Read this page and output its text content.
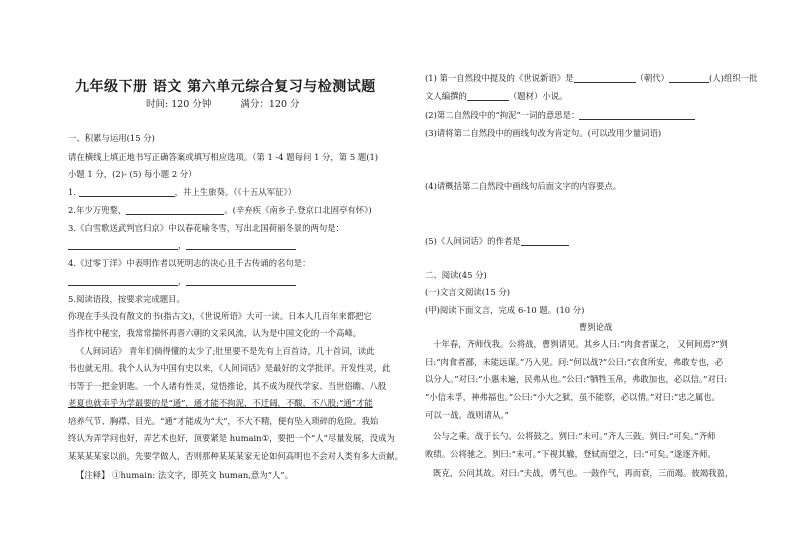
九年级下册 语文 第六单元综合复习与检测试题
时间: 120 分钟	满分：120 分
一、积累与运用(15 分)
请在横线上填正地书写正确答案或填写相应选项。（第 1 -4 题每问 1 分，第 5 题(1)
小题 1 分，(2)- (5) 每小题 2 分）
1.	，井上生旅葵。（《十五从军征》）
2.年少万兜鍪，	。(辛弃疾《南乡子.登京口北固亭有怀》)
3.《白雪歌送武判官归京》中以春花喻冬雪，写出北国荷丽冬景的两句是：
，
4.《过零丁洋》中表明作者以死明志的决心且千古传诵的名句是：
，
5.阅读语段，按要求完成题目。
你现在手头没有散文的书(指古文)，《世说所语》大可一读。日本人几百年来都把它
当作枕中秘宝，我常常揣怀再晋六朝的文采风流，认为是中国文化的一个高峰。
《人间词话》 青年们倘得懂的太少了;肚里要不是先有上百首诗，几十首词，读此
书也就无用。我个人认为中国有史以来，《人间词话》是最好的文学批评。开发性灵，此
书等于一把金钥匙。一个人诸有性灵，觉悟推论，其不成为现代学家、当世俗瞻、八股
老夏也就幸乎为学最要的是“通”，通才能不拘泥，不迁阔，不酸，不八股;“通”才能
培养气节、胸襟、目光。“通”才能成为“大”，不大不精，便有坠入琐碎的危险。我始
终认为弄学问也好，弄艺术也好，顶要紧是 humain①，要把一个“人”尽量发展，没成为
某某某某家以前，先要学做人，否则那种某某某家无论如何高明也不会对人类有多大贡献。
【注释】 ①humain: 法文字，即英文 human,意为“人”。
(1) 第一自然段中提及的《世说新语》是	（朝代）	(人)组织一批
文人编撰的	（题材）小说。
(2)第二自然段中的“拘泥”一词的意思是：
(3)请将第二自然段中的画线句改为肯定句。(可以改用少量词语)
(4)请概括第二自然段中画线句后面文字的内容要点。
(5)《人间词话》的作者是
二、阅读(45 分)
(一)文言文阅读(15 分)
(甲)阅读下面文言，完成 6-10 题。(10 分)
曹刿论战
十年春，齐师伐我。公将战，曹刿请见。其乡人曰:“肉食者谋之， 又何间焉?”刿
曰:“肉食者鄙，未能远谋。”乃入见。问:“何以战?”公曰:“衣食所安，弗敢专也，必
以分人。”对曰:“小惠未遍，民弗从也。”公曰:“牺牲玉帛，弗敢加也，必以信。”对曰:
“小信未孚，神弗福也。”公曰:“小大之狱，虽不能察，必以情。”对曰:“忠之属也。
可以一战。战则请从。”
公与之乘。战于长勺。公将鼓之。刿曰:“未可。”齐人三鼓。刿曰:“可矣。”齐师
败绩。公将驰之。刿曰:“未可。”下视其辙，登轼而望之，曰:“可矣。”遂逐齐师。
既克，公问其故。对曰:“夫战，勇气也。一鼓作气，再而衰，三而竭。彼竭我盈，
